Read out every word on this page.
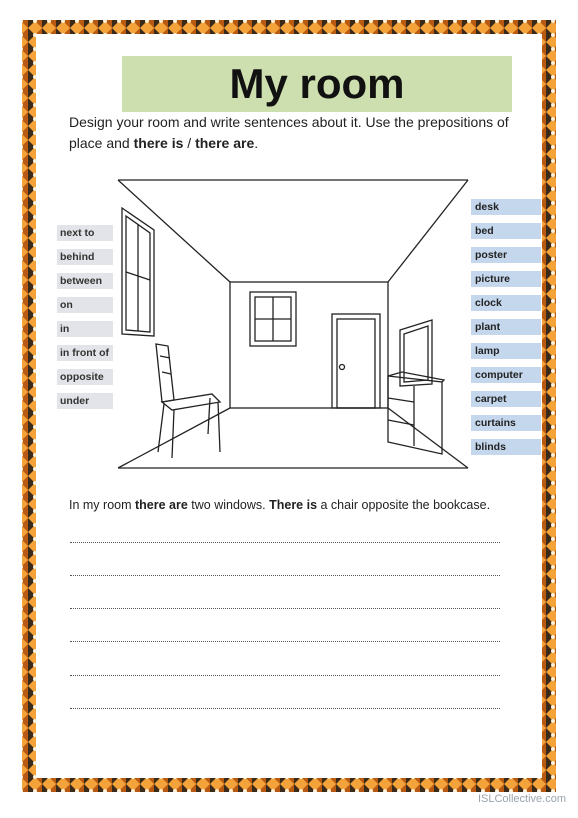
My room
Design your room and write sentences about it. Use the prepositions of place and there is / there are.
next to
behind
between
on
in
in front of
opposite
under
desk
bed
poster
picture
clock
plant
lamp
computer
carpet
curtains
blinds
In my room there are two windows. There is a chair opposite the bookcase.
ISLCollective.com
